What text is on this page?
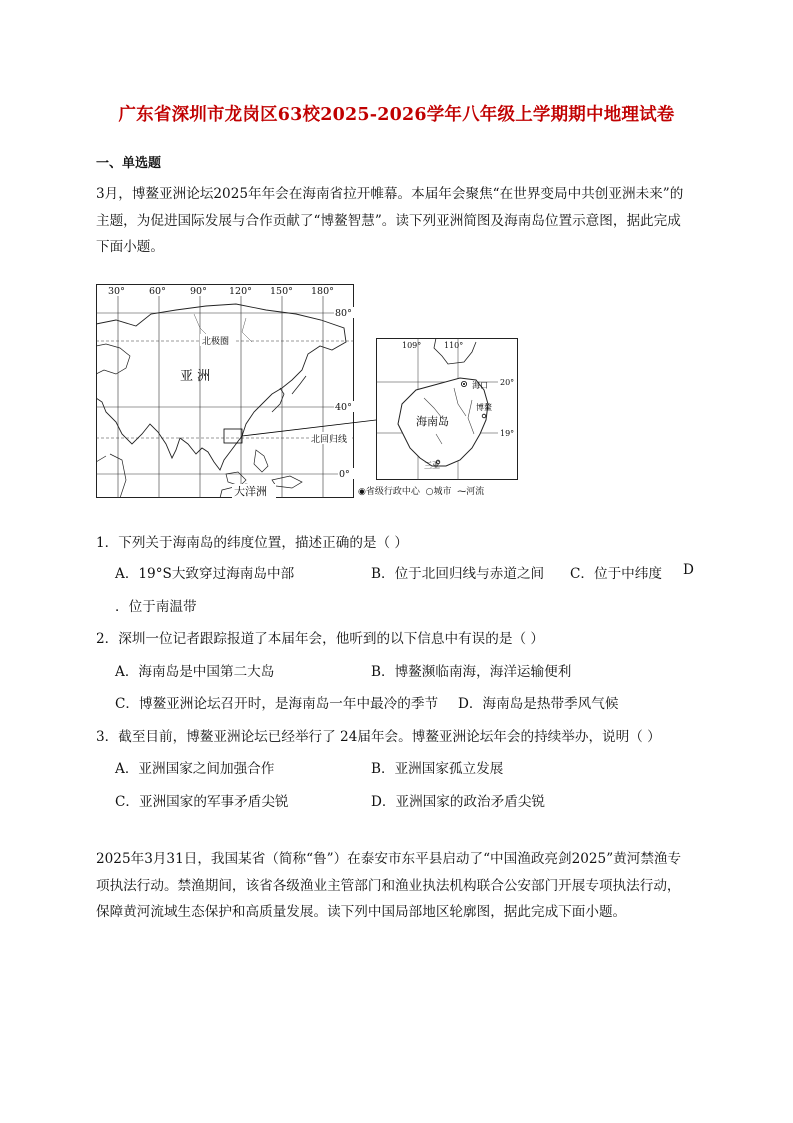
广东省深圳市龙岗区63校2025-2026学年八年级上学期期中地理试卷
一、单选题

3月，博鳌亚洲论坛2025年年会在海南省拉开帷幕。本届年会聚焦“在世界变局中共创亚洲未来”的

主题，为促进国际发展与合作贡献了“博鳌智慧”。读下列亚洲简图及海南岛位置示意图，据此完成

下面小题。

30°	60°	90° 120° 150° 180°
80°
40°
0°
北极圈
亚 洲
北回归线
大洋洲
109°	110°
20°
19°
海南岛
海口
博鳌
三亚
◉省级行政中心 ○城市 ⁓河流
1．下列关于海南岛的纬度位置，描述正确的是（ ）
A．19°S大致穿过海南岛中部	B．位于北回归线与赤道之间 C．位于中纬度 D
．位于南温带
2．深圳一位记者跟踪报道了本届年会，他听到的以下信息中有误的是（ ）
A．海南岛是中国第二大岛	B．博鳌濒临南海，海洋运输便利
C．博鳌亚洲论坛召开时，是海南岛一年中最冷的季节 D．海南岛是热带季风气候
3．截至目前，博鳌亚洲论坛已经举行了 24届年会。博鳌亚洲论坛年会的持续举办，说明（ ）
A．亚洲国家之间加强合作	B．亚洲国家孤立发展
C．亚洲国家的军事矛盾尖锐	D．亚洲国家的政治矛盾尖锐

2025年3月31日，我国某省（简称“鲁”）在泰安市东平县启动了“中国渔政亮剑2025”黄河禁渔专

项执法行动。禁渔期间，该省各级渔业主管部门和渔业执法机构联合公安部门开展专项执法行动，

保障黄河流域生态保护和高质量发展。读下列中国局部地区轮廓图，据此完成下面小题。
